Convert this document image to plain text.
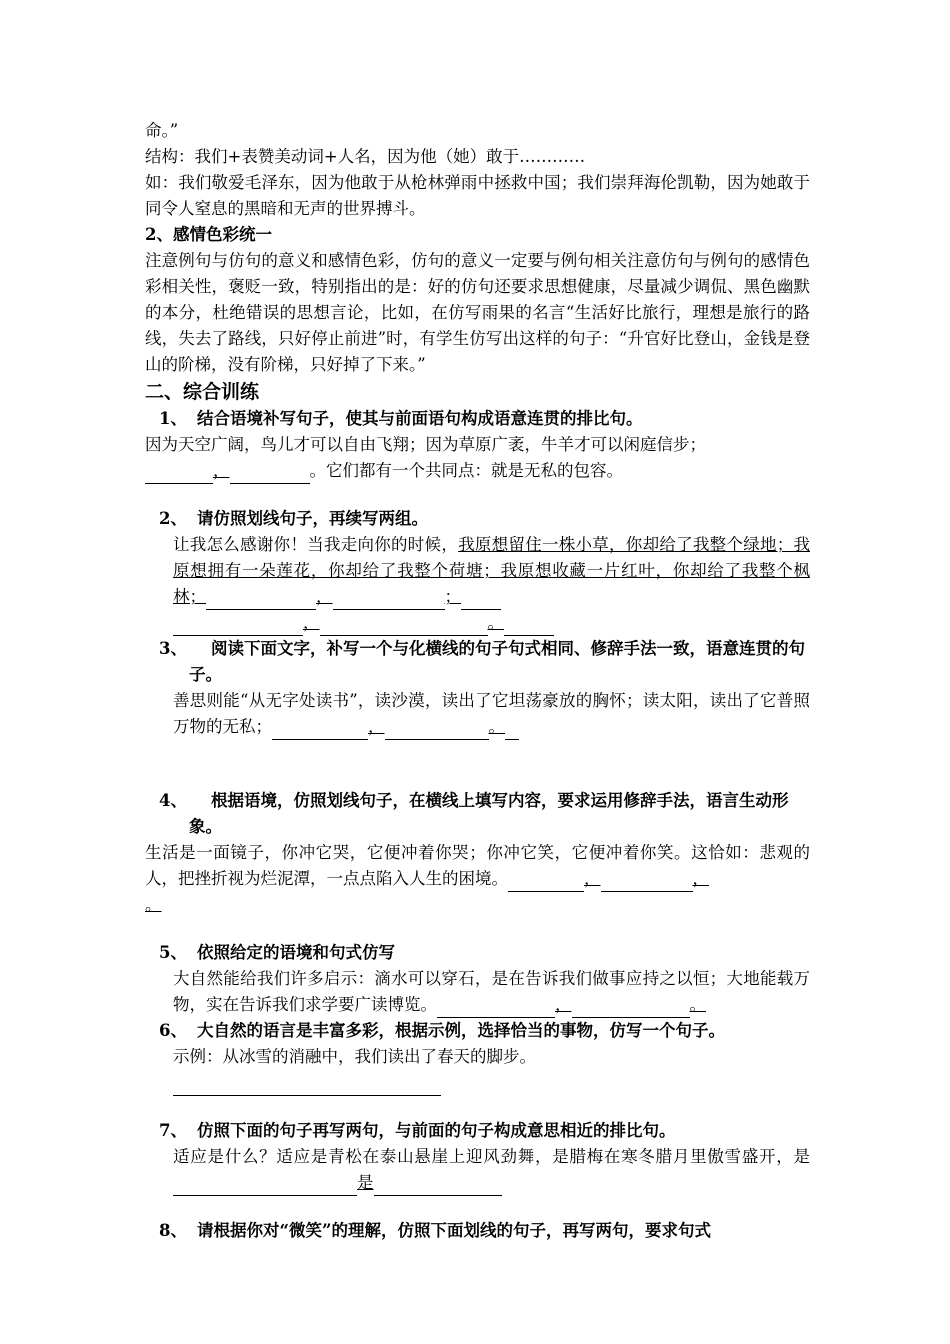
命。”

结构：我们+表赞美动词+人名，因为他（她）敢于…………

如：我们敬爱毛泽东，因为他敢于从枪林弹雨中拯救中国；我们崇拜海伦凯勒，因为她敢于同令人窒息的黑暗和无声的世界搏斗。

2、感情色彩统一

注意例句与仿句的意义和感情色彩，仿句的意义一定要与例句相关注意仿句与例句的感情色彩相关性，褒贬一致，特别指出的是：好的仿句还要求思想健康，尽量减少调侃、黑色幽默的本分，杜绝错误的思想言论，比如，在仿写雨果的名言“生活好比旅行，理想是旅行的路线，失去了路线，只好停止前进”时，有学生仿写出这样的句子：“升官好比登山，金钱是登山的阶梯，没有阶梯，只好掉了下来。”

二、综合训练

1、 结合语境补写句子，使其与前面语句构成语意连贯的排比句。

因为天空广阔，鸟儿才可以自由飞翔；因为草原广袤，牛羊才可以闲庭信步；
，	。它们都有一个共同点：就是无私的包容。

2、 请仿照划线句子，再续写两组。

让我怎么感谢你！当我走向你的时候，我原想留住一株小草，你却给了我整个绿地；我原想拥有一朵莲花，你却给了我整个荷塘；我原想收藏一片红叶，你却给了我整个枫林；	，	；
，	。

3、 阅读下面文字，补写一个与化横线的句子句式相同、修辞手法一致，语意连贯的句子。

善思则能“从无字处读书”，读沙漠，读出了它坦荡豪放的胸怀；读太阳，读出了它普照万物的无私；	，	。

4、 根据语境，仿照划线句子，在横线上填写内容，要求运用修辞手法，语言生动形象。

生活是一面镜子，你冲它哭，它便冲着你哭；你冲它笑，它便冲着你笑。这恰如：悲观的人，把挫折视为烂泥潭，一点点陷入人生的困境。	，	，
。

5、 依照给定的语境和句式仿写

大自然能给我们许多启示：滴水可以穿石，是在告诉我们做事应持之以恒；大地能载万物，实在告诉我们求学要广读博览。	，	。

6、 大自然的语言是丰富多彩，根据示例，选择恰当的事物，仿写一个句子。

示例：从冰雪的消融中，我们读出了春天的脚步。

7、 仿照下面的句子再写两句，与前面的句子构成意思相近的排比句。

适应是什么？适应是青松在泰山悬崖上迎风劲舞，是腊梅在寒冬腊月里傲雪盛开，是是

8、 请根据你对“微笑”的理解，仿照下面划线的句子，再写两句，要求句式
